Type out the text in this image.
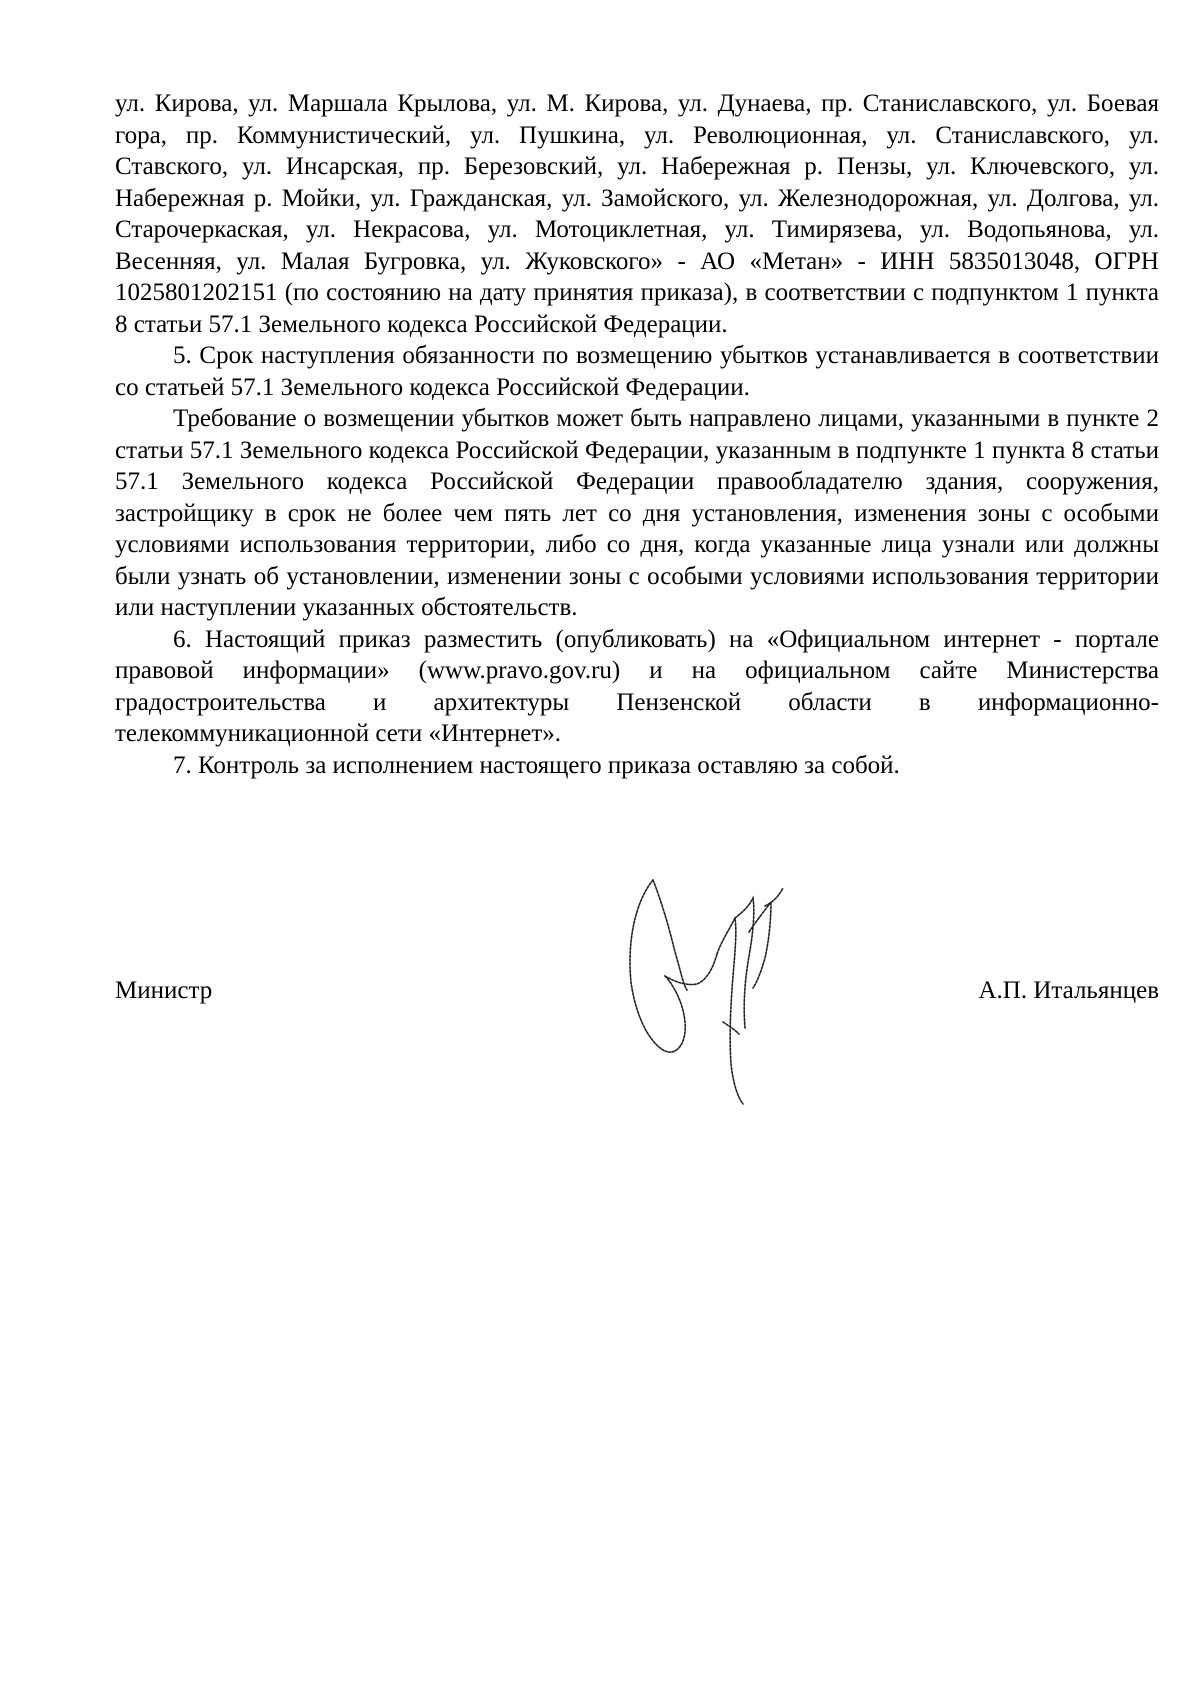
ул. Кирова, ул. Маршала Крылова, ул. М. Кирова, ул. Дунаева, пр. Станиславского, ул. Боевая гора, пр. Коммунистический, ул. Пушкина, ул. Революционная, ул. Станиславского, ул. Ставского, ул. Инсарская, пр. Березовский, ул. Набережная р. Пензы, ул. Ключевского, ул. Набережная р. Мойки, ул. Гражданская, ул. Замойского, ул. Железнодорожная, ул. Долгова, ул. Старочеркаская, ул. Некрасова, ул. Мотоциклетная, ул. Тимирязева, ул. Водопьянова, ул. Весенняя, ул. Малая Бугровка, ул. Жуковского» - АО «Метан» - ИНН 5835013048, ОГРН 1025801202151 (по состоянию на дату принятия приказа), в соответствии с подпунктом 1 пункта 8 статьи 57.1 Земельного кодекса Российской Федерации.

5. Срок наступления обязанности по возмещению убытков устанавливается в соответствии со статьей 57.1 Земельного кодекса Российской Федерации.

Требование о возмещении убытков может быть направлено лицами, указанными в пункте 2 статьи 57.1 Земельного кодекса Российской Федерации, указанным в подпункте 1 пункта 8 статьи 57.1 Земельного кодекса Российской Федерации правообладателю здания, сооружения, застройщику в срок не более чем пять лет со дня установления, изменения зоны с особыми условиями использования территории, либо со дня, когда указанные лица узнали или должны были узнать об установлении, изменении зоны с особыми условиями использования территории или наступлении указанных обстоятельств.

6. Настоящий приказ разместить (опубликовать) на «Официальном интернет - портале правовой информации» (www.pravo.gov.ru) и на официальном сайте Министерства градостроительства и архитектуры Пензенской области в информационно-телекоммуникационной сети «Интернет».

7. Контроль за исполнением настоящего приказа оставляю за собой.

Министр	А.П. Итальянцев
